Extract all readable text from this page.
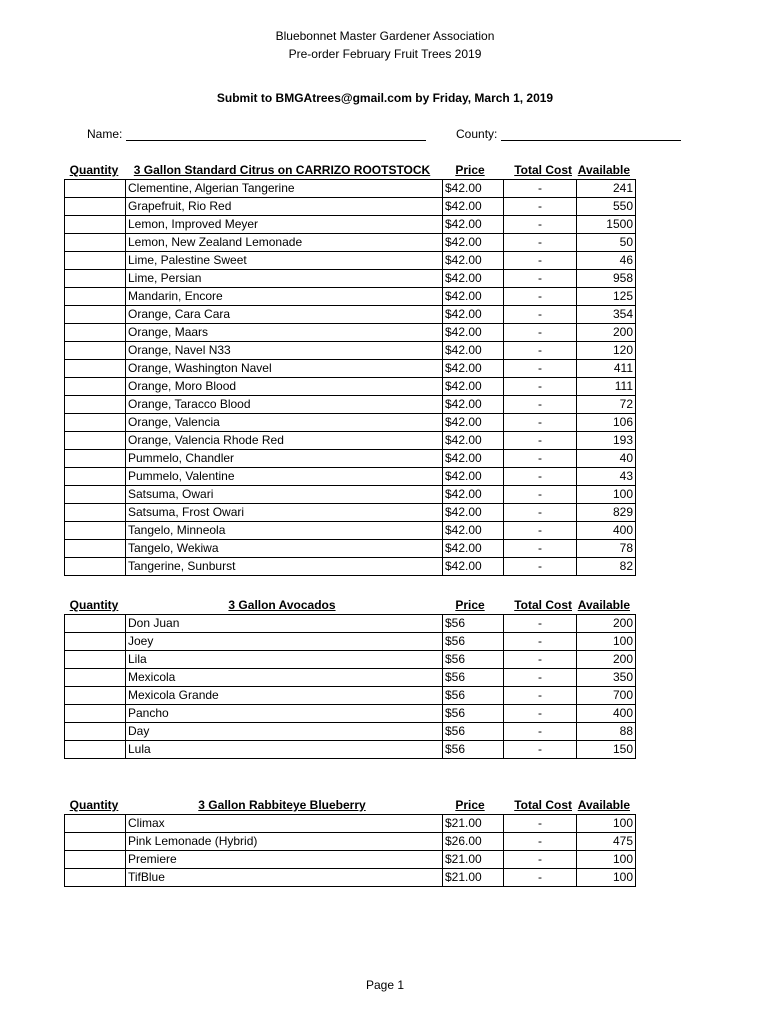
Bluebonnet Master Gardener Association
Pre-order February Fruit Trees 2019
Submit to BMGAtrees@gmail.com by Friday, March 1, 2019
Name:	County:
Quantity	3 Gallon Standard Citrus on CARRIZO ROOTSTOCK	Price	Total Cost Available
	Clementine, Algerian Tangerine	$42.00	-	241
	Grapefruit, Rio Red	$42.00	-	550
	Lemon, Improved Meyer	$42.00	-	1500
	Lemon, New Zealand Lemonade	$42.00	-	50
	Lime, Palestine Sweet	$42.00	-	46
	Lime, Persian	$42.00	-	958
	Mandarin, Encore	$42.00	-	125
	Orange, Cara Cara	$42.00	-	354
	Orange, Maars	$42.00	-	200
	Orange, Navel N33	$42.00	-	120
	Orange, Washington Navel	$42.00	-	411
	Orange, Moro Blood	$42.00	-	111
	Orange, Taracco Blood	$42.00	-	72
	Orange, Valencia	$42.00	-	106
	Orange, Valencia Rhode Red	$42.00	-	193
	Pummelo, Chandler	$42.00	-	40
	Pummelo, Valentine	$42.00	-	43
	Satsuma, Owari	$42.00	-	100
	Satsuma, Frost Owari	$42.00	-	829
	Tangelo, Minneola	$42.00	-	400
	Tangelo, Wekiwa	$42.00	-	78
	Tangerine, Sunburst	$42.00	-	82
Quantity	3 Gallon Avocados	Price	Total Cost Available
	Don Juan	$56	-	200
	Joey	$56	-	100
	Lila	$56	-	200
	Mexicola	$56	-	350
	Mexicola Grande	$56	-	700
	Pancho	$56	-	400
	Day	$56	-	88
	Lula	$56	-	150
Quantity	3 Gallon Rabbiteye Blueberry	Price	Total Cost Available
	Climax	$21.00	-	100
	Pink Lemonade (Hybrid)	$26.00	-	475
	Premiere	$21.00	-	100
	TifBlue	$21.00	-	100
Page 1
